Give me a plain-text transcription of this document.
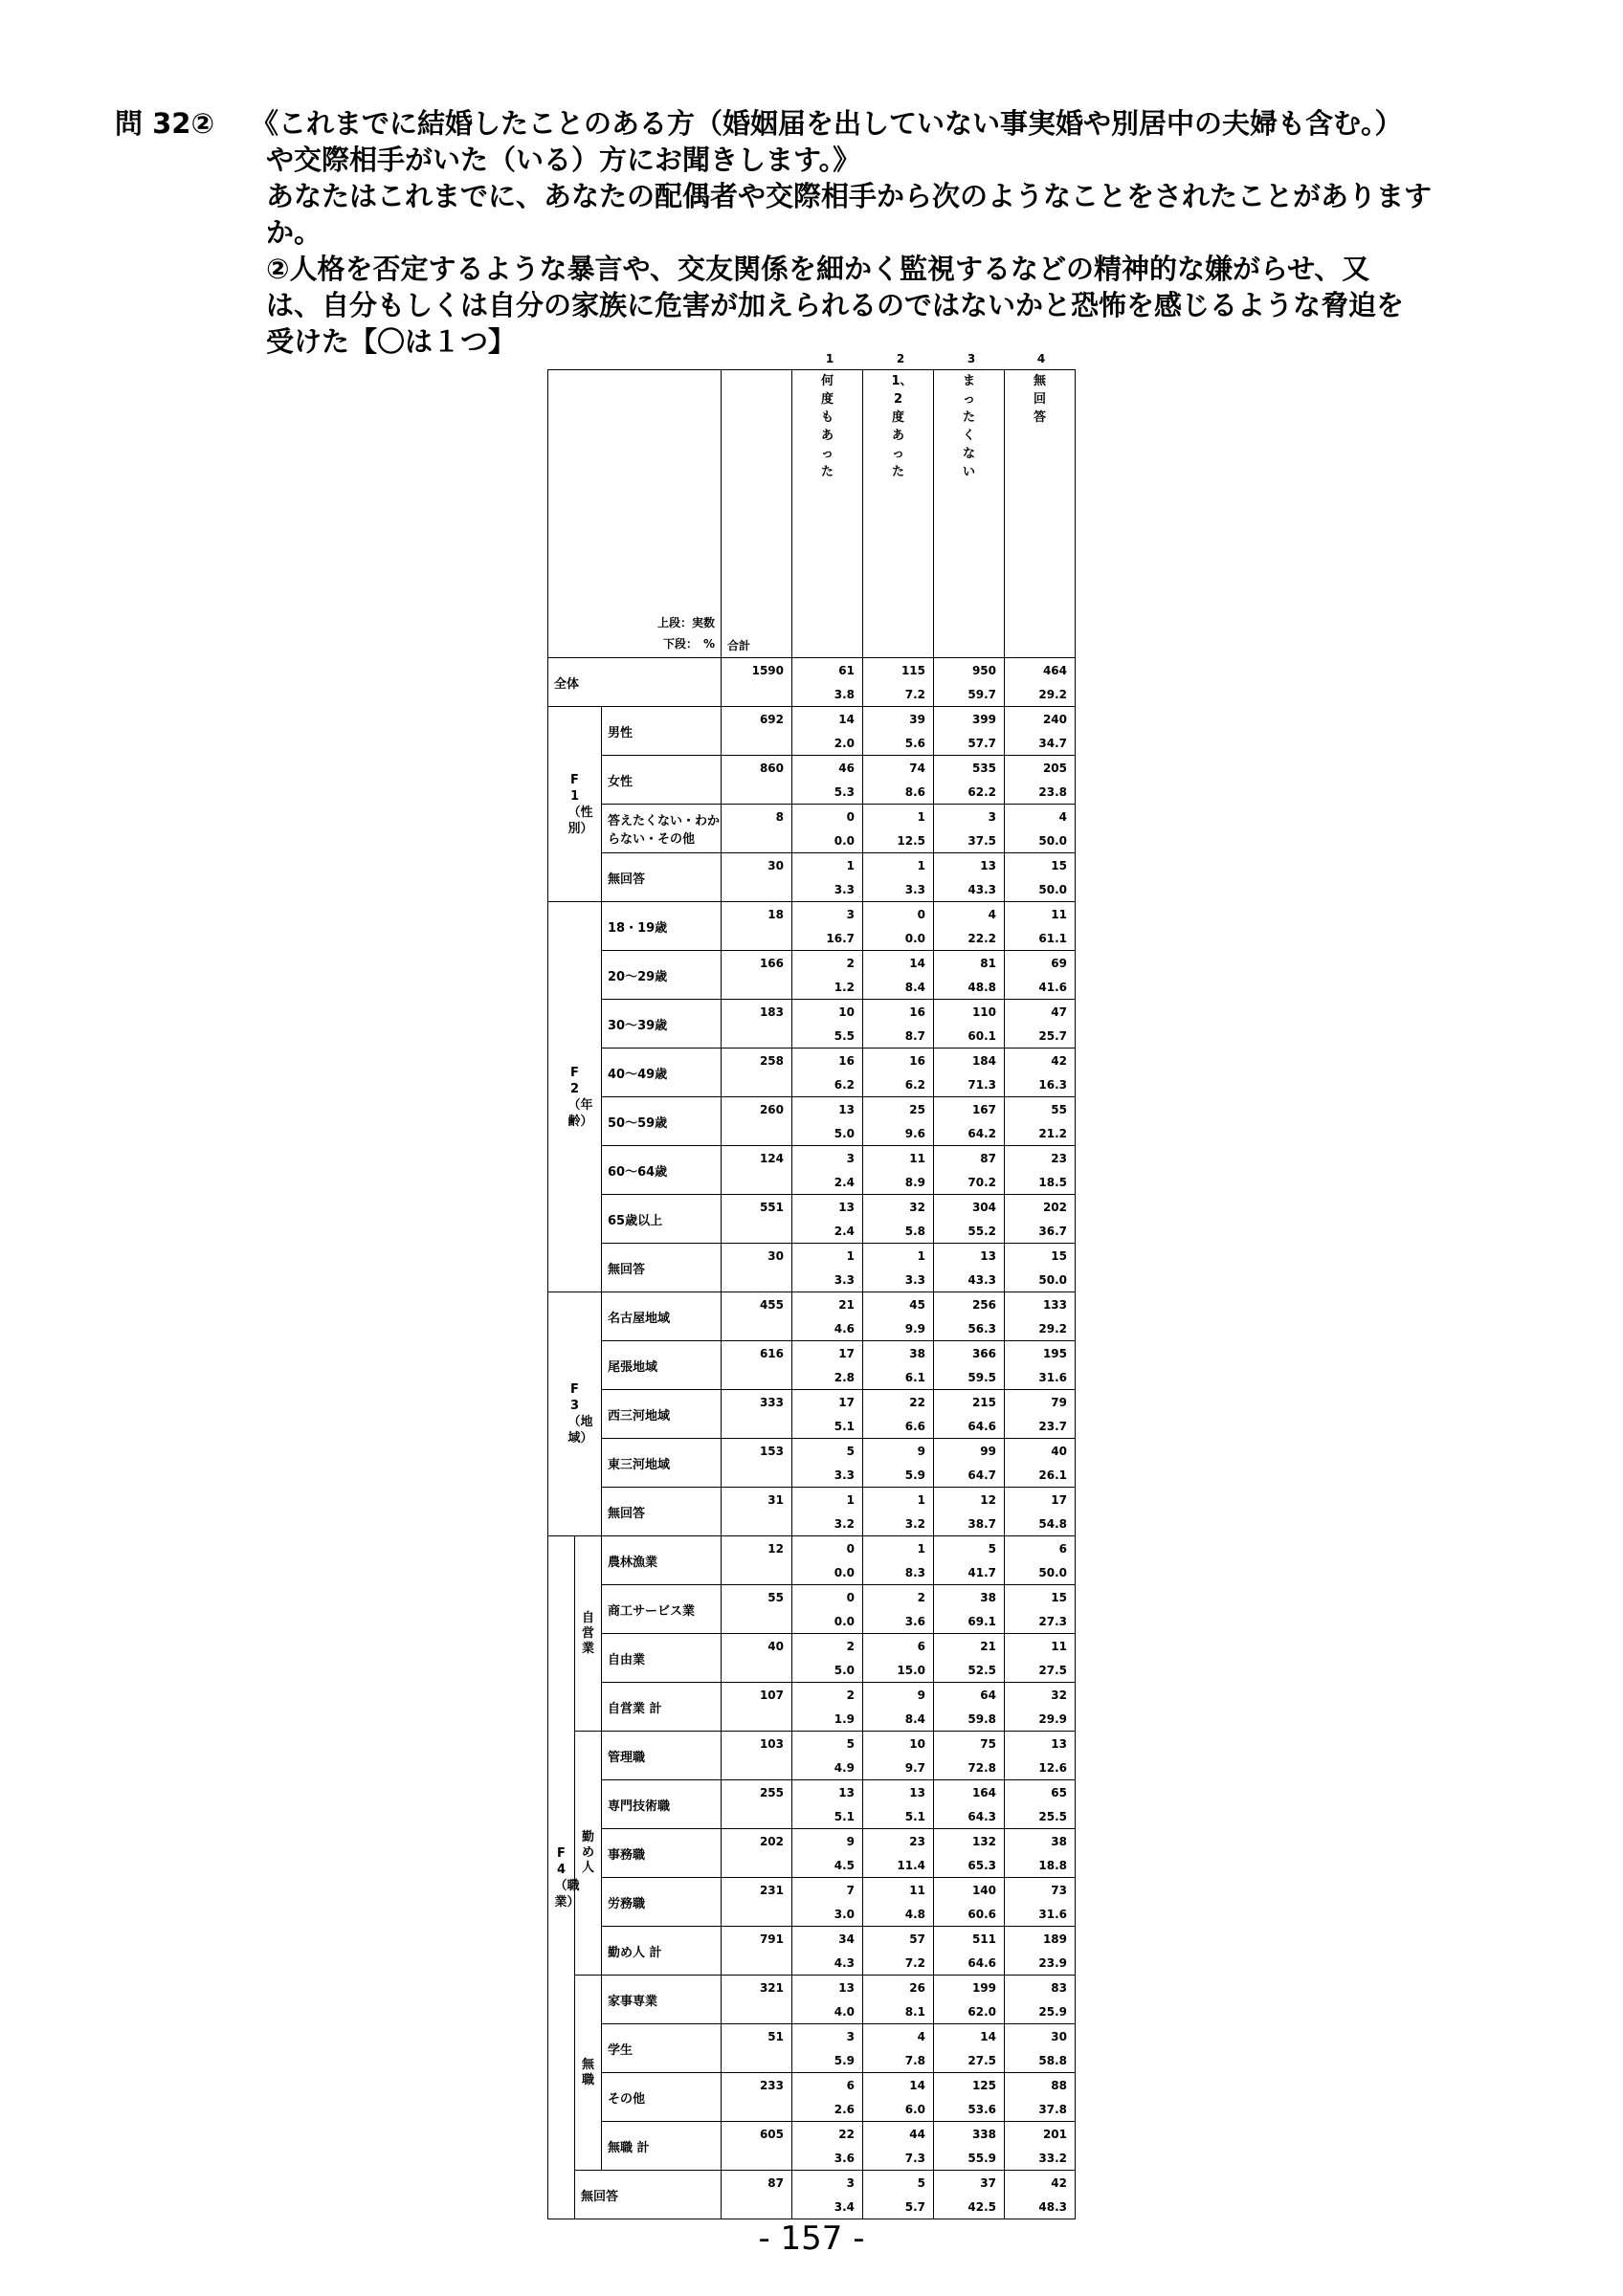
問 32②	《これまでに結婚したことのある方（婚姻届を出していない事実婚や別居中の夫婦も含む。）
や交際相手がいた（いる）方にお聞きします。》
あなたはこれまでに、あなたの配偶者や交際相手から次のようなことをされたことがあります
か。
②人格を否定するような暴言や、交友関係を細かく監視するなどの精神的な嫌がらせ、又
は、自分もしくは自分の家族に危害が加えられるのではないかと恐怖を感じるような脅迫を
受けた【〇は１つ】
1	2	3	4
上段：実数
下段：　%			合計	何度もあった	1、2度あった	まったくない	無回答

全体			1590	61	115	950	464
				3.8	7.2	59.7	29.2
F1（性別）		男性	692	14	39	399	240
				2.0	5.6	57.7	34.7
		女性	860	46	74	535	205
				5.3	8.6	62.2	23.8
		答えたくない・わからない・その他	8	0	1	3	4
				0.0	12.5	37.5	50.0
		無回答	30	1	1	13	15
				3.3	3.3	43.3	50.0
F2（年齢）		18・19歳	18	3	0	4	11
				16.7	0.0	22.2	61.1
		20～29歳	166	2	14	81	69
				1.2	8.4	48.8	41.6
		30～39歳	183	10	16	110	47
				5.5	8.7	60.1	25.7
		40～49歳	258	16	16	184	42
				6.2	6.2	71.3	16.3
		50～59歳	260	13	25	167	55
				5.0	9.6	64.2	21.2
		60～64歳	124	3	11	87	23
				2.4	8.9	70.2	18.5
		65歳以上	551	13	32	304	202
				2.4	5.8	55.2	36.7
		無回答	30	1	1	13	15
				3.3	3.3	43.3	50.0
F3（地域）		名古屋地域	455	21	45	256	133
				4.6	9.9	56.3	29.2
		尾張地域	616	17	38	366	195
				2.8	6.1	59.5	31.6
		西三河地域	333	17	22	215	79
				5.1	6.6	64.6	23.7
		東三河地域	153	5	9	99	40
				3.3	5.9	64.7	26.1
		無回答	31	1	1	12	17
				3.2	3.2	38.7	54.8
F4（職業）	自営業	農林漁業	12	0	1	5	6
				0.0	8.3	41.7	50.0
		商工サービス業	55	0	2	38	15
				0.0	3.6	69.1	27.3
		自由業	40	2	6	21	11
				5.0	15.0	52.5	27.5
		自営業 計	107	2	9	64	32
				1.9	8.4	59.8	29.9
	勤め人	管理職	103	5	10	75	13
				4.9	9.7	72.8	12.6
		専門技術職	255	13	13	164	65
				5.1	5.1	64.3	25.5
		事務職	202	9	23	132	38
				4.5	11.4	65.3	18.8
		労務職	231	7	11	140	73
				3.0	4.8	60.6	31.6
		勤め人 計	791	34	57	511	189
				4.3	7.2	64.6	23.9
	無職	家事専業	321	13	26	199	83
				4.0	8.1	62.0	25.9
		学生	51	3	4	14	30
				5.9	7.8	27.5	58.8
		その他	233	6	14	125	88
				2.6	6.0	53.6	37.8
		無職 計	605	22	44	338	201
				3.6	7.3	55.9	33.2
	無回答		87	3	5	37	42
				3.4	5.7	42.5	48.3
- 157 -
